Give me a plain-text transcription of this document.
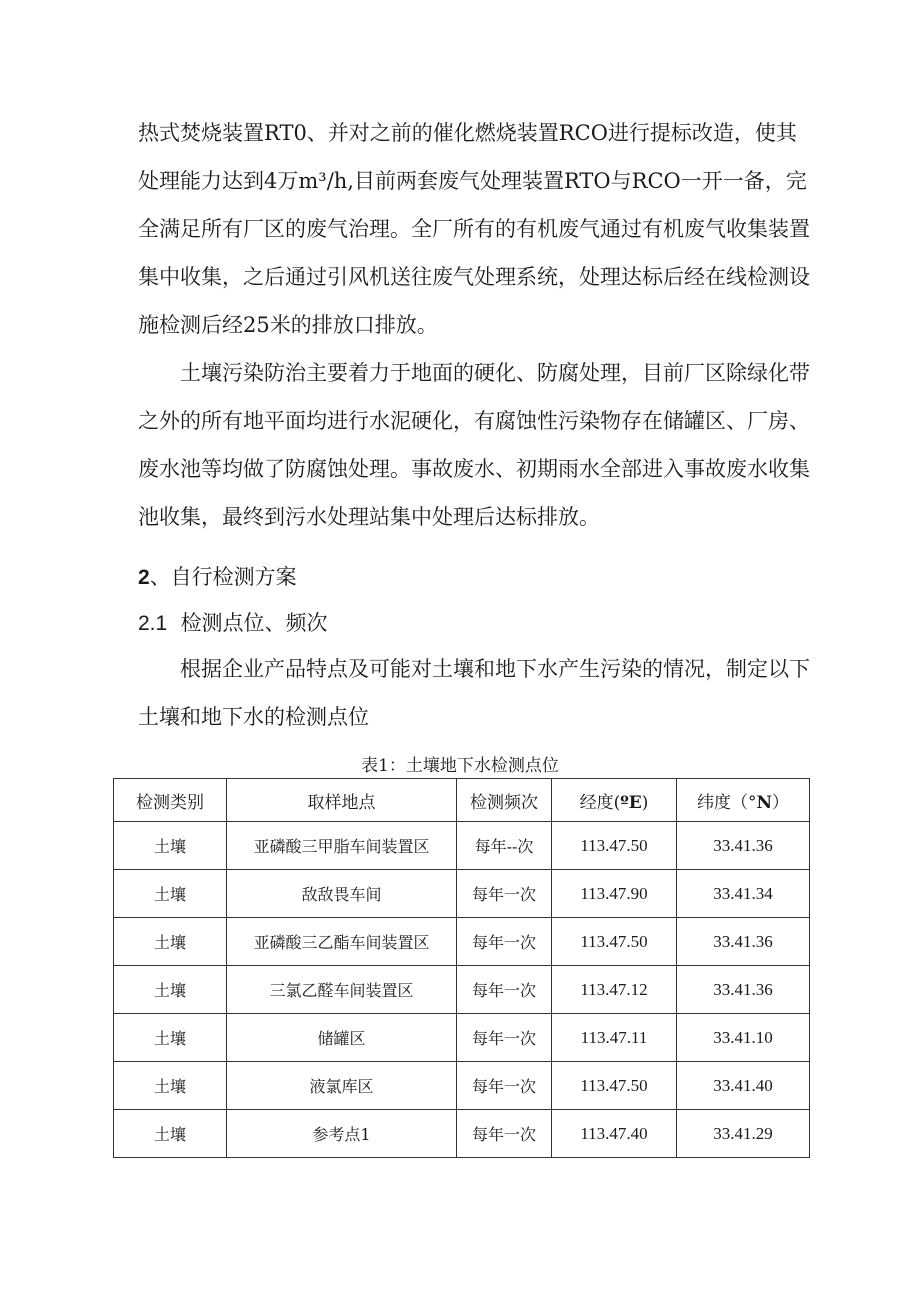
热式焚烧装置RT0、并对之前的催化燃烧装置RCO进行提标改造，使其处理能力达到4万m³/h,目前两套废气处理装置RTO与RCO一开一备，完全满足所有厂区的废气治理。全厂所有的有机废气通过有机废气收集装置集中收集，之后通过引风机送往废气处理系统，处理达标后经在线检测设施检测后经25米的排放口排放。

土壤污染防治主要着力于地面的硬化、防腐处理，目前厂区除绿化带之外的所有地平面均进行水泥硬化，有腐蚀性污染物存在储罐区、厂房、废水池等均做了防腐蚀处理。事故废水、初期雨水全部进入事故废水收集池收集，最终到污水处理站集中处理后达标排放。

2、自行检测方案

2.1 检测点位、频次

根据企业产品特点及可能对土壤和地下水产生污染的情况，制定以下土壤和地下水的检测点位

表1：土壤地下水检测点位
检测类别	取样地点	检测频次	经度(ºE)	纬度（°N）
土壤	亚磷酸三甲脂车间装置区	每年--次	113.47.50	33.41.36
土壤	敌敌畏车间	每年一次	113.47.90	33.41.34
土壤	亚磷酸三乙酯车间装置区	每年一次	113.47.50	33.41.36
土壤	三氯乙醛车间装置区	每年一次	113.47.12	33.41.36
土壤	储罐区	每年一次	113.47.11	33.41.10
土壤	液氯库区	每年一次	113.47.50	33.41.40
土壤	参考点1	每年一次	113.47.40	33.41.29
